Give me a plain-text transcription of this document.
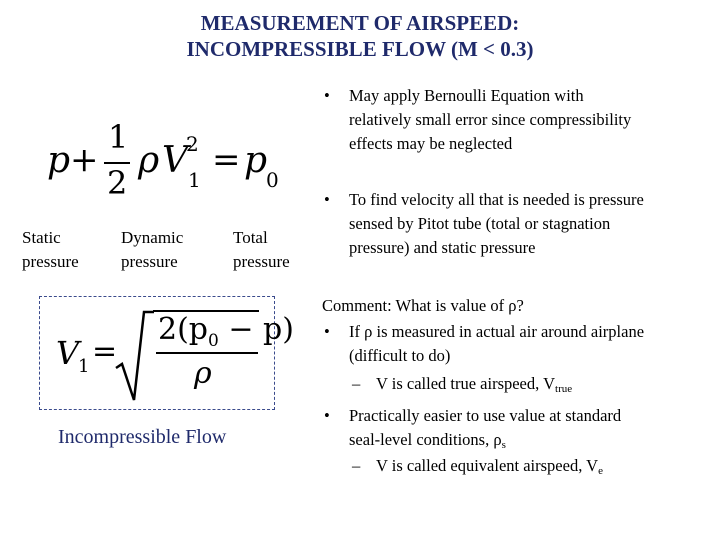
MEASUREMENT OF AIRSPEED:
INCOMPRESSIBLE FLOW (M < 0.3)
p +
1
2
ρ V
2
1 = p
0
Static
pressure
Dynamic
pressure
Total
pressure
V
1 =
$2(p_0 - p)$
ρ
Incompressible Flow
• May apply Bernoulli Equation with
relatively small error since compressibility
effects may be neglected
• To find velocity all that is needed is pressure
sensed by Pitot tube (total or stagnation
pressure) and static pressure
Comment: What is value of ρ?
• If ρ is measured in actual air around airplane
(difficult to do)
– V is called true airspeed, $V_{true}$
• Practically easier to use value at standard
seal-level conditions, $\rho_s$
– V is called equivalent airspeed, $V_e$
